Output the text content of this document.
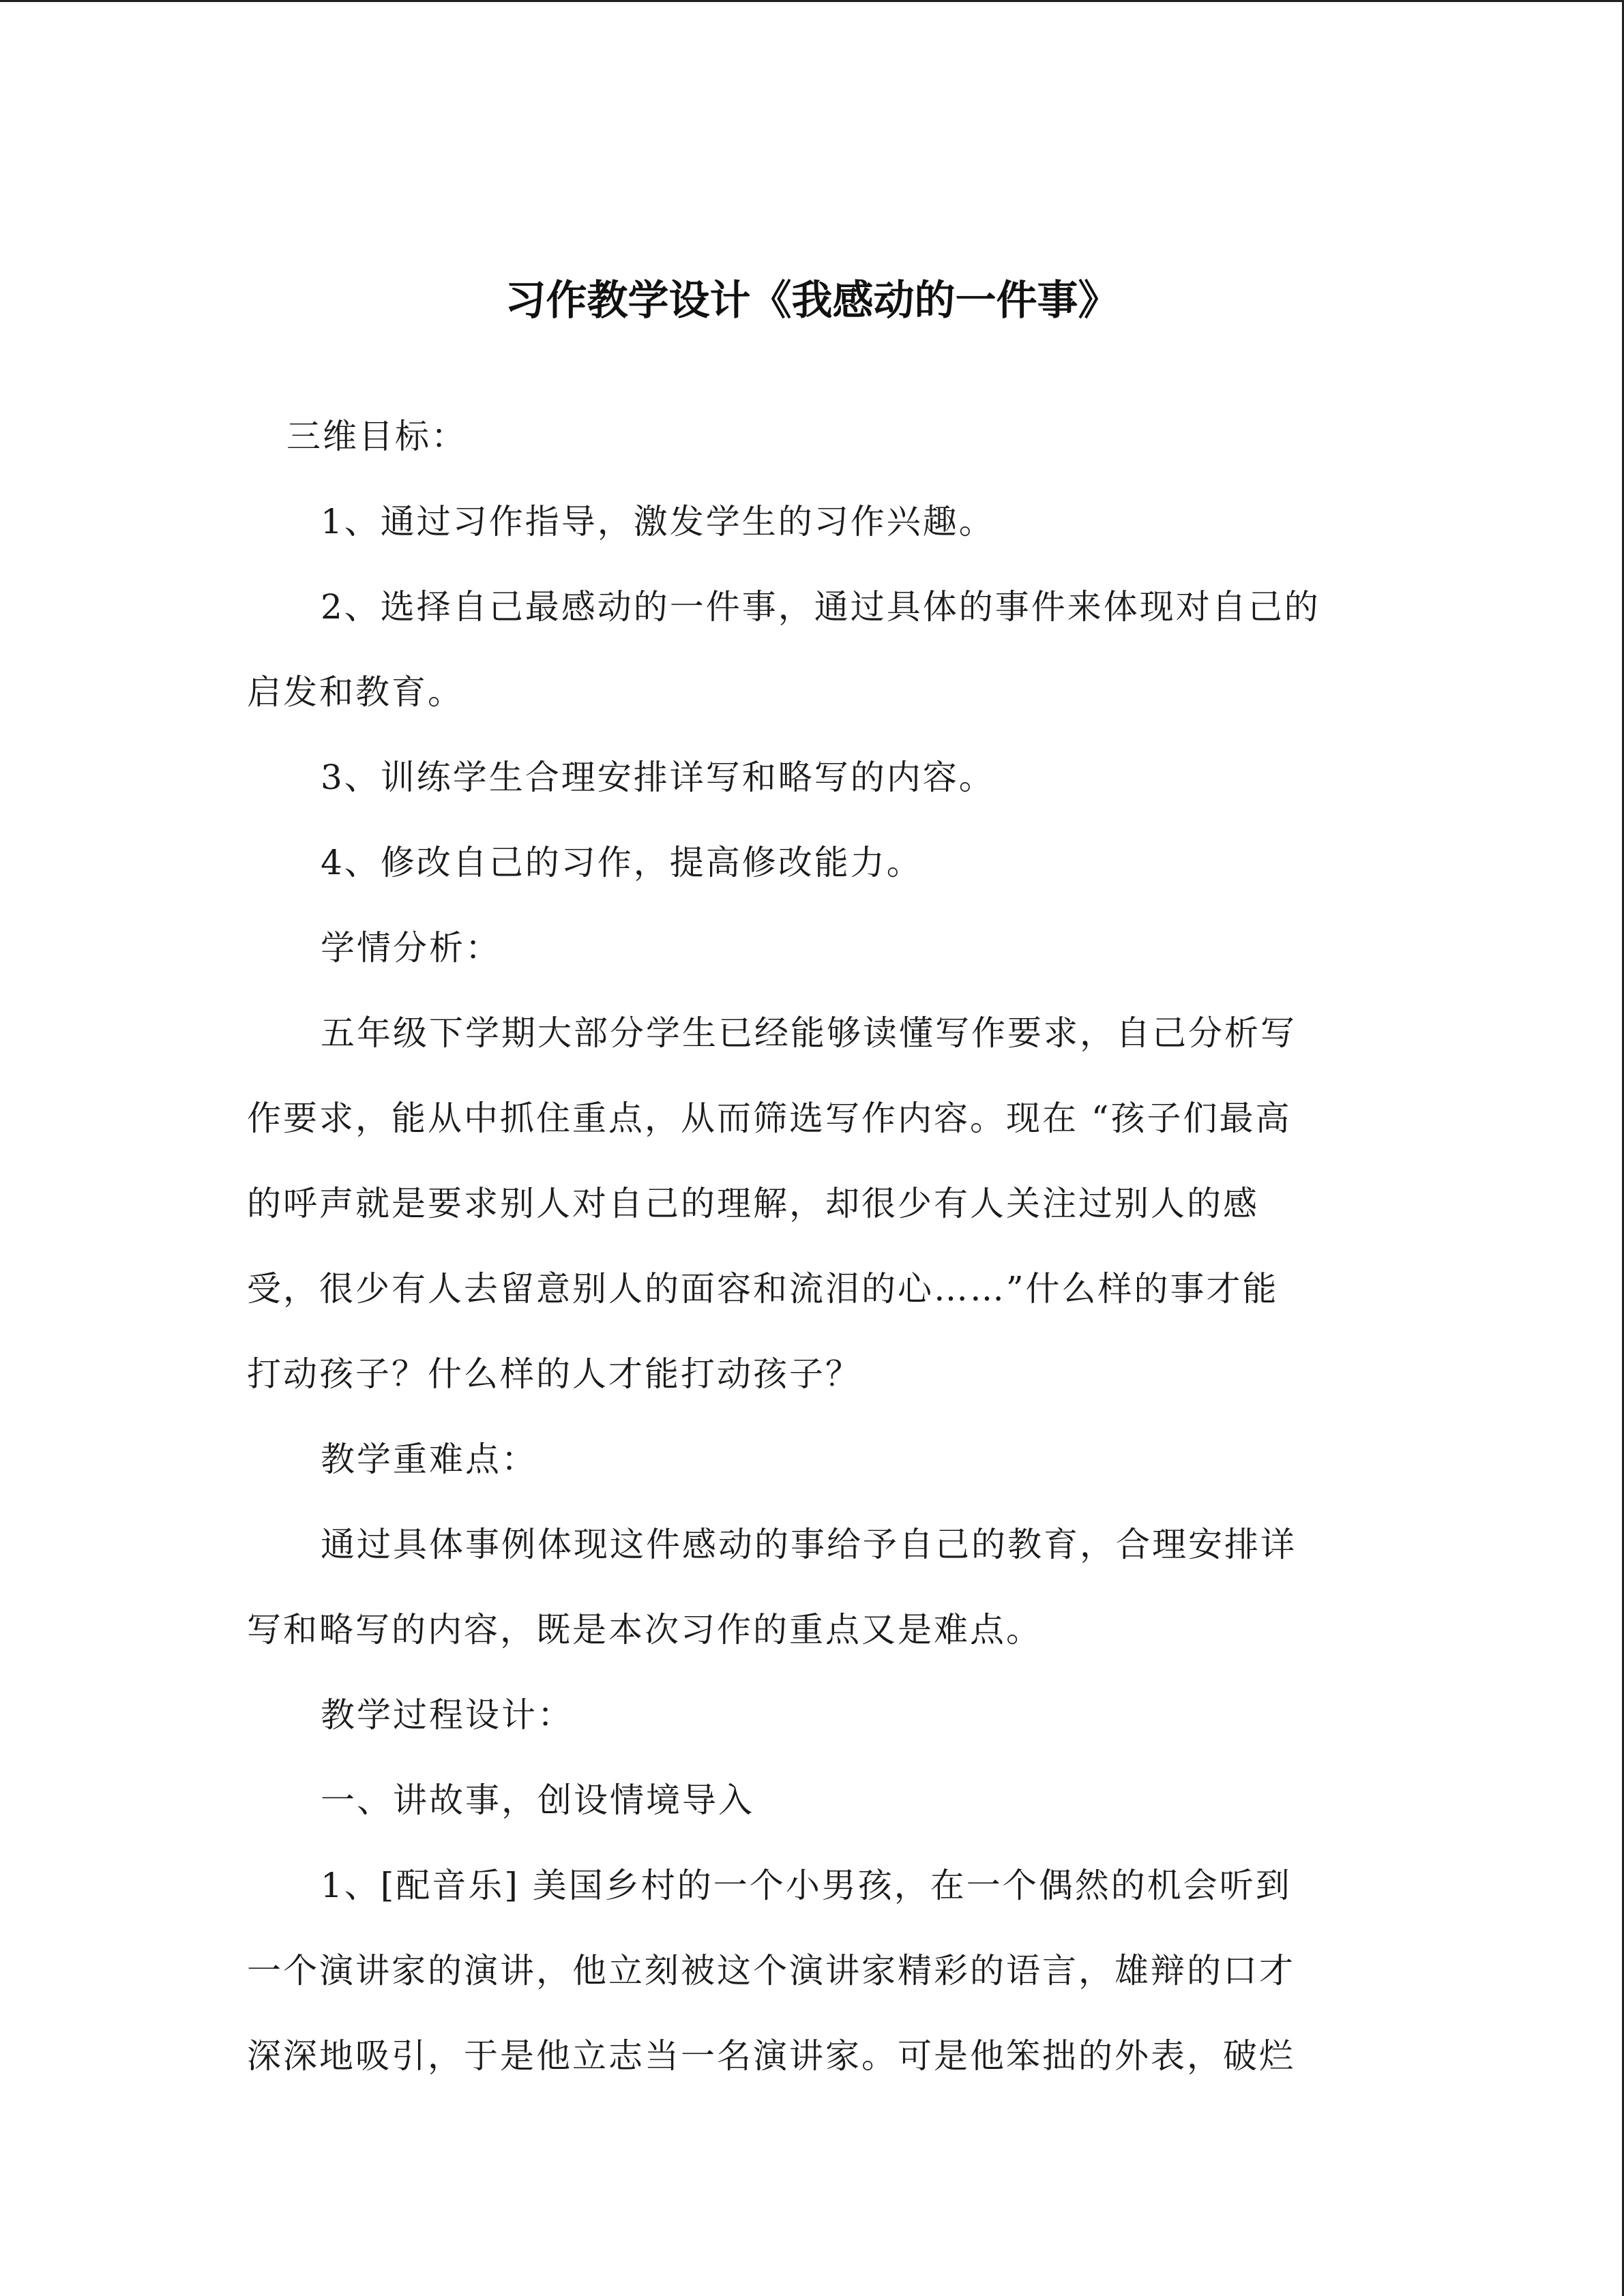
习作教学设计《我感动的一件事》
三维目标：
1、通过习作指导，激发学生的习作兴趣。
2、选择自己最感动的一件事，通过具体的事件来体现对自己的
启发和教育。
3、训练学生合理安排详写和略写的内容。
4、修改自己的习作，提高修改能力。
学情分析：
五年级下学期大部分学生已经能够读懂写作要求，自己分析写
作要求，能从中抓住重点，从而筛选写作内容。现在 “孩子们最高
的呼声就是要求别人对自己的理解，却很少有人关注过别人的感
受，很少有人去留意别人的面容和流泪的心……”什么样的事才能
打动孩子？什么样的人才能打动孩子？
教学重难点：
通过具体事例体现这件感动的事给予自己的教育，合理安排详
写和略写的内容，既是本次习作的重点又是难点。
教学过程设计：
一、讲故事，创设情境导入
1、[配音乐] 美国乡村的一个小男孩，在一个偶然的机会听到
一个演讲家的演讲，他立刻被这个演讲家精彩的语言，雄辩的口才
深深地吸引，于是他立志当一名演讲家。可是他笨拙的外表，破烂
